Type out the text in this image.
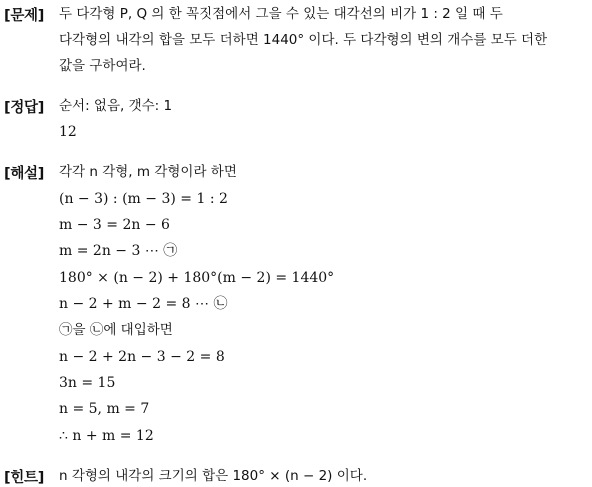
[문제] 두 다각형 P, Q 의 한 꼭짓점에서 그을 수 있는 대각선의 비가 1 : 2 일 때 두
다각형의 내각의 합을 모두 더하면 1440° 이다. 두 다각형의 변의 개수를 모두 더한
값을 구하여라.
[정답] 순서: 없음, 갯수: 1
12
[해설] 각각 n 각형, m 각형이라 하면
(n − 3) : (m − 3) = 1 : 2
m − 3 = 2n − 6
m = 2n − 3 ⋯ ㉠
180° × (n − 2) + 180°(m − 2) = 1440°
n − 2 + m − 2 = 8 ⋯ ㉡
㉠을 ㉡에 대입하면
n − 2 + 2n − 3 − 2 = 8
3n = 15
n = 5, m = 7
∴ n + m = 12
[힌트] n 각형의 내각의 크기의 합은 180° × (n − 2) 이다.
